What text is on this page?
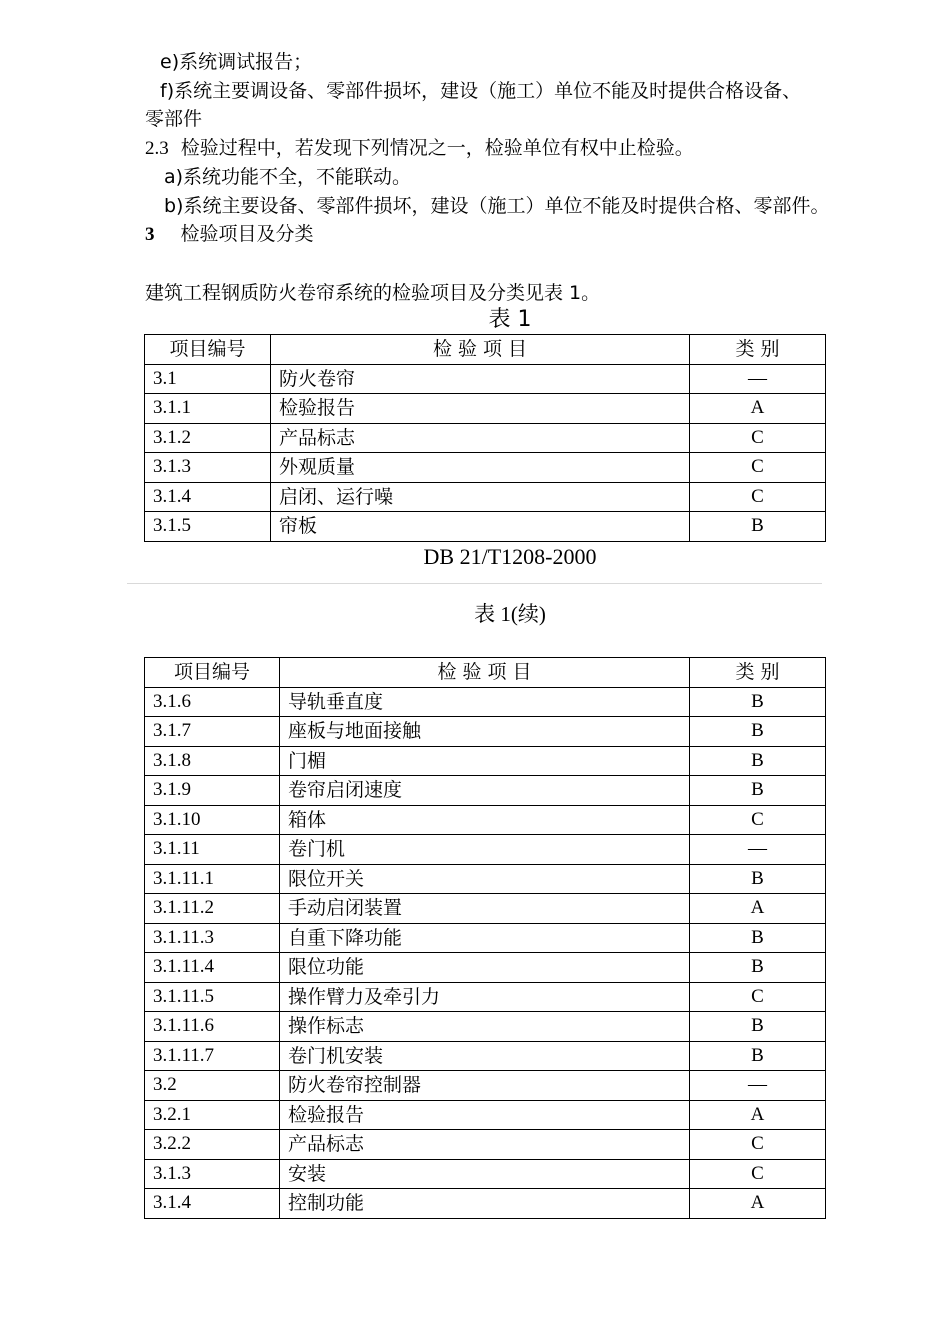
e)系统调试报告；
f)系统主要调设备、零部件损坏，建设（施工）单位不能及时提供合格设备、
零部件
2.3 检验过程中，若发现下列情况之一，检验单位有权中止检验。
a)系统功能不全，不能联动。
b)系统主要设备、零部件损坏，建设（施工）单位不能及时提供合格、零部件。
3 检验项目及分类
建筑工程钢质防火卷帘系统的检验项目及分类见表 1。
表 1
项目编号	检 验 项 目	类 别
3.1	防火卷帘	—
3.1.1	检验报告	A
3.1.2	产品标志	C
3.1.3	外观质量	C
3.1.4	启闭、运行噪	C
3.1.5	帘板	B
DB 21/T1208-2000
表 1(续)
项目编号	检 验 项 目	类 别
3.1.6	导轨垂直度	B
3.1.7	座板与地面接触	B
3.1.8	门楣	B
3.1.9	卷帘启闭速度	B
3.1.10	箱体	C
3.1.11	卷门机	—
3.1.11.1	限位开关	B
3.1.11.2	手动启闭装置	A
3.1.11.3	自重下降功能	B
3.1.11.4	限位功能	B
3.1.11.5	操作臂力及牵引力	C
3.1.11.6	操作标志	B
3.1.11.7	卷门机安装	B
3.2	防火卷帘控制器	—
3.2.1	检验报告	A
3.2.2	产品标志	C
3.1.3	安装	C
3.1.4	控制功能	A
